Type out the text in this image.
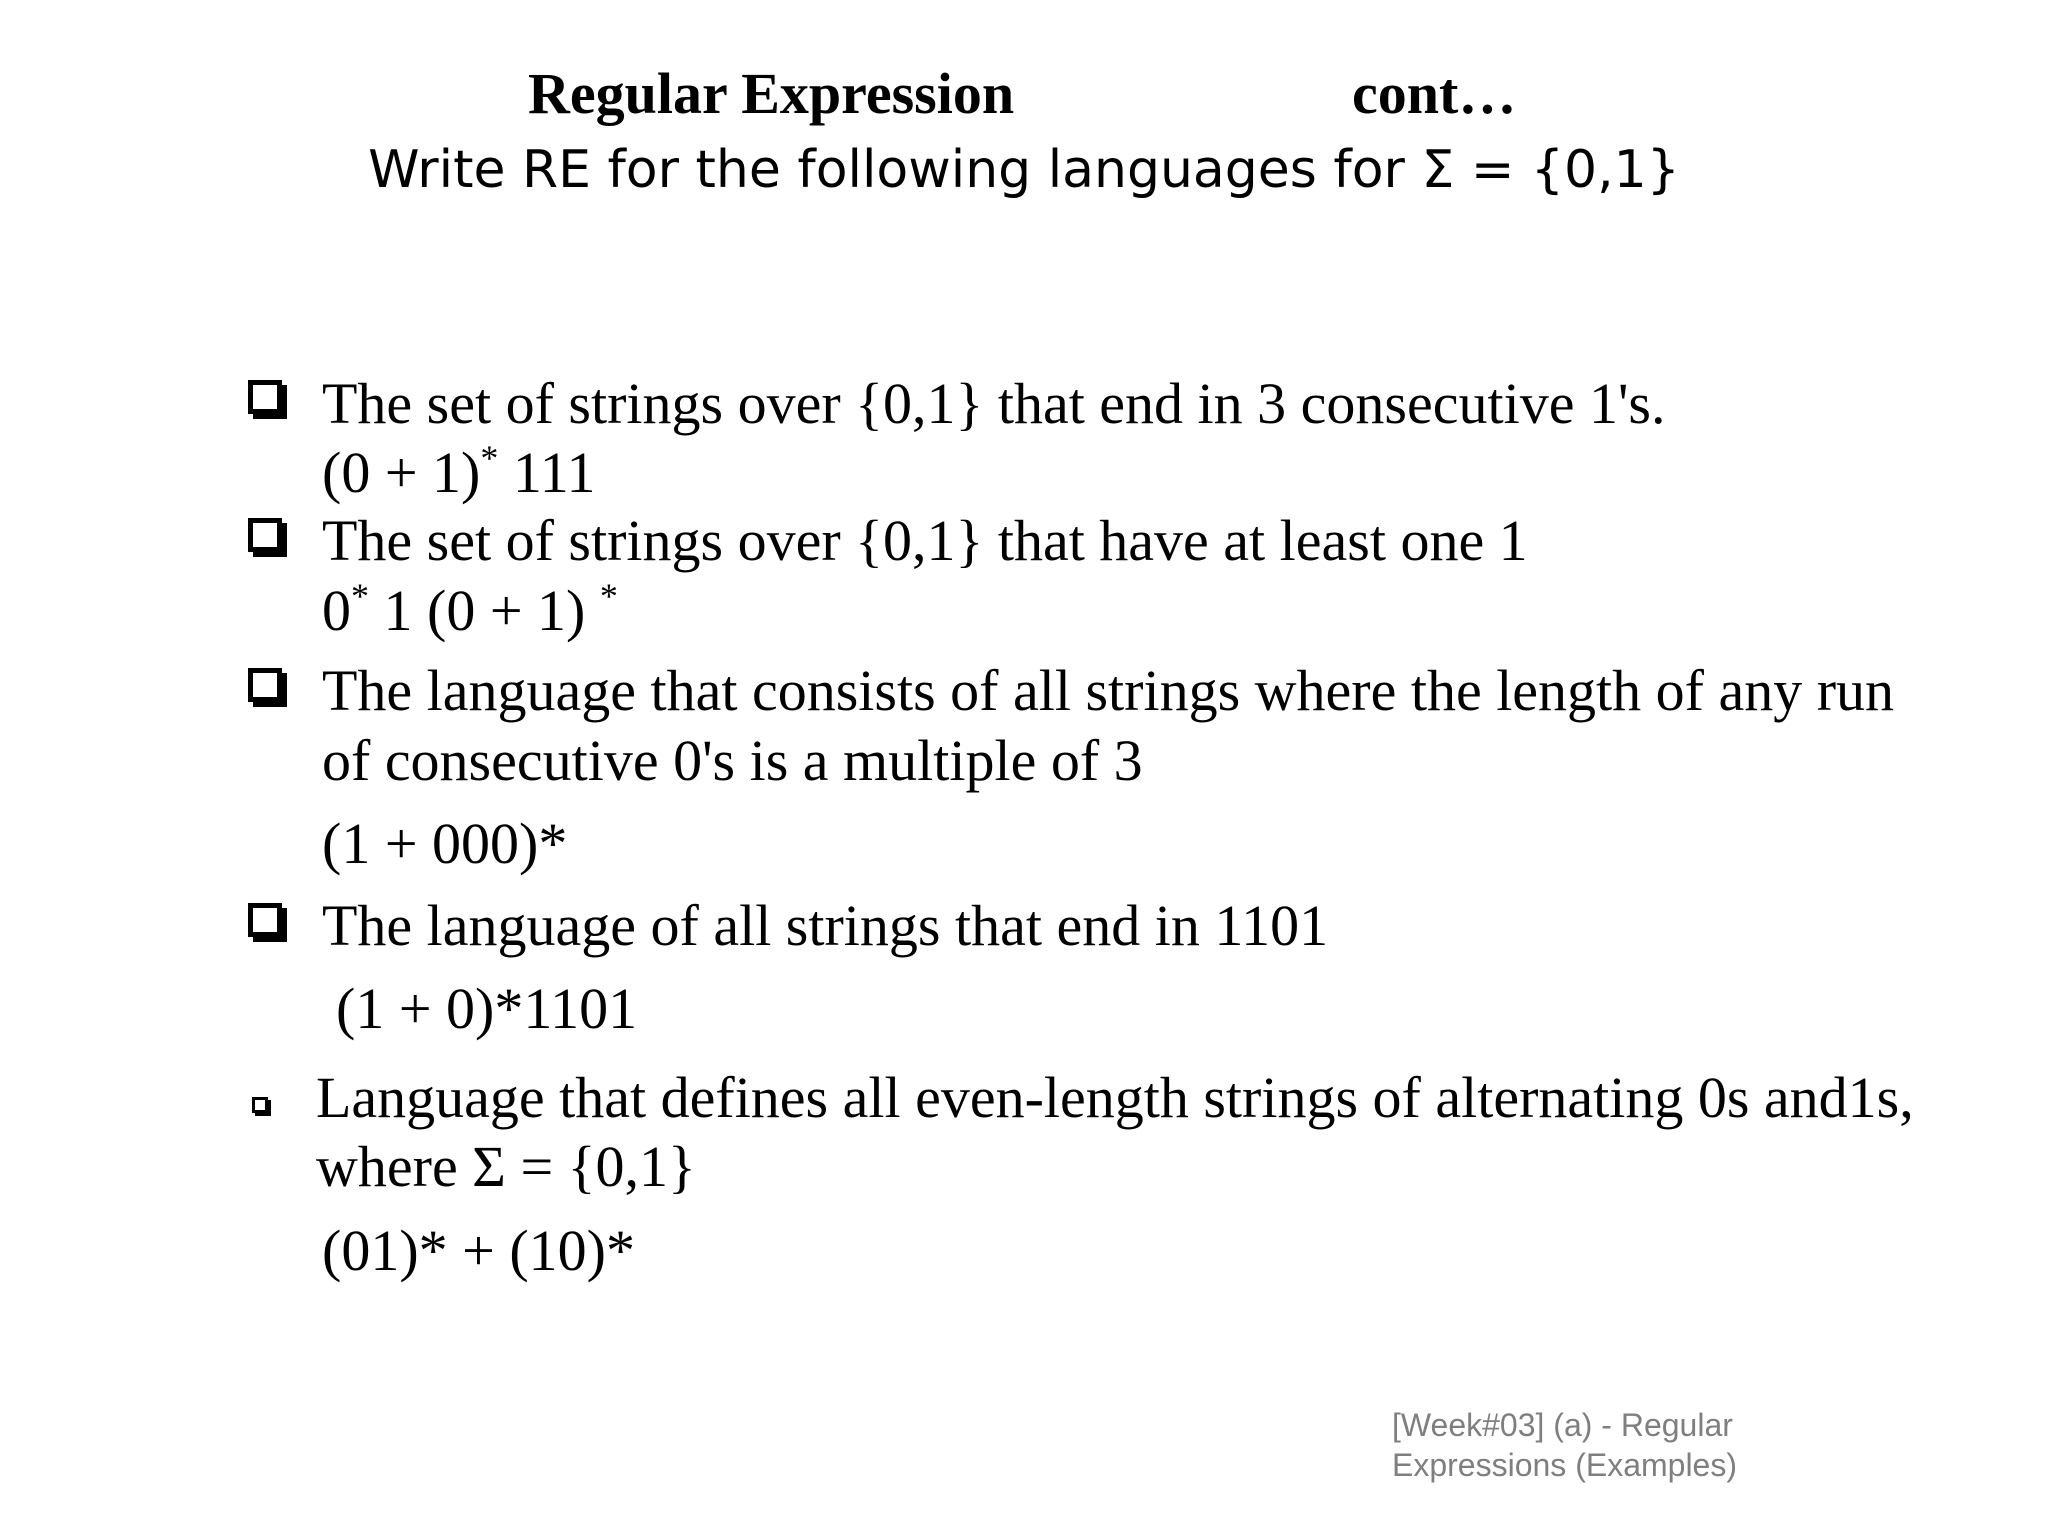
Regular Expression	cont…
Write RE for the following languages for Σ = {0,1}
The set of strings over {0,1} that end in 3 consecutive 1's.
(0 + 1)* 111
The set of strings over {0,1} that have at least one 1
0* 1 (0 + 1) *
The language that consists of all strings where the length of any run
of consecutive 0's is a multiple of 3
(1 + 000)*
The language of all strings that end in 1101
(1 + 0)*1101
Language that defines all even-length strings of alternating 0s and1s,
where Σ = {0,1}
(01)* + (10)*
[Week#03] (a) - Regular
Expressions (Examples)
